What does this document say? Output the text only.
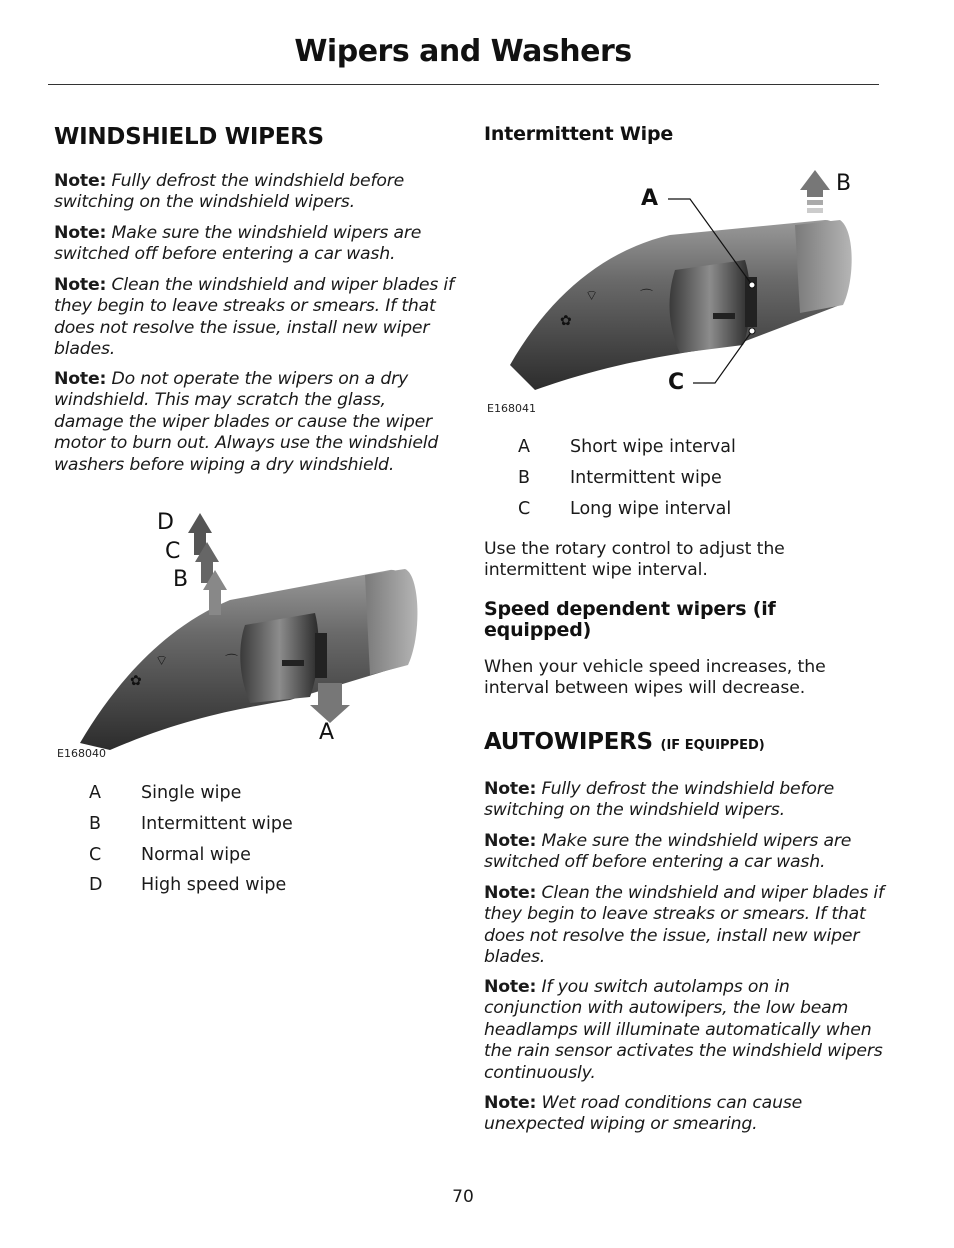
Wipers and Washers
WINDSHIELD WIPERS
Note: Fully defrost the windshield before switching on the windshield wipers.
Note: Make sure the windshield wipers are switched off before entering a car wash.
Note: Clean the windshield and wiper blades if they begin to leave streaks or smears. If that does not resolve the issue, install new wiper blades.
Note: Do not operate the wipers on a dry windshield. This may scratch the glass, damage the wiper blades or cause the wiper motor to burn out. Always use the windshield washers before wiping a dry windshield.
✿
⌔	⌒
D
C
B
A
E168040
A Single wipe
B Intermittent wipe
C Normal wipe
D High speed wipe
Intermittent Wipe
✿
⌔	⌒
A
B
C
E168041
A Short wipe interval
B Intermittent wipe
C Long wipe interval
Use the rotary control to adjust the intermittent wipe interval.
Speed dependent wipers (if equipped)
When your vehicle speed increases, the interval between wipes will decrease.
AUTOWIPERS (IF EQUIPPED)
Note: Fully defrost the windshield before switching on the windshield wipers.
Note: Make sure the windshield wipers are switched off before entering a car wash.
Note: Clean the windshield and wiper blades if they begin to leave streaks or smears. If that does not resolve the issue, install new wiper blades.
Note: If you switch autolamps on in conjunction with autowipers, the low beam headlamps will illuminate automatically when the rain sensor activates the windshield wipers continuously.
Note: Wet road conditions can cause unexpected wiping or smearing.
70
